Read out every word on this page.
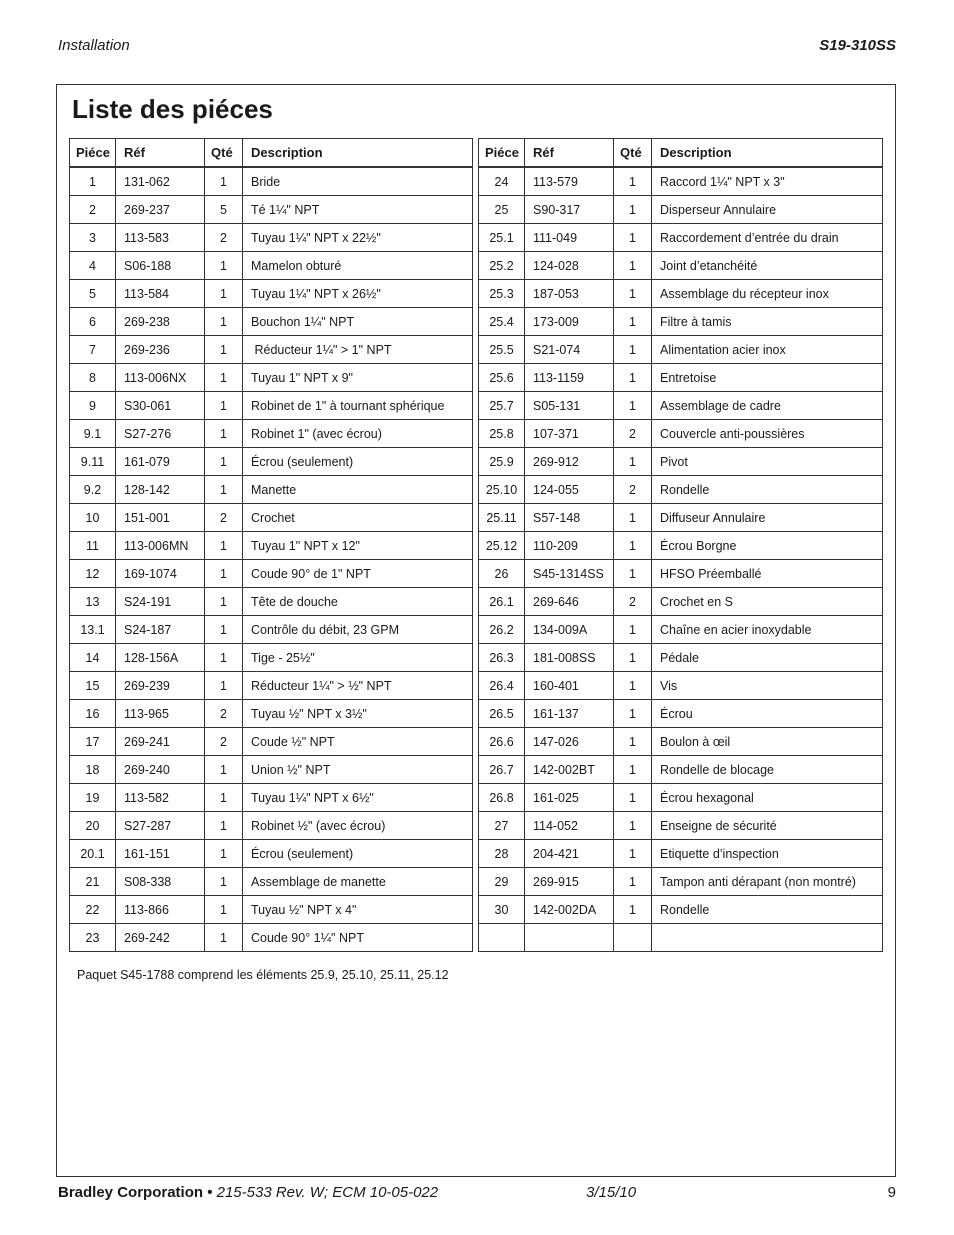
Installation	S19-310SS
Liste des piéces
Piéce	Réf	Qté	Description

1	131-062	1	Bride
2	269-237	5	Té 1¼" NPT
3	113-583	2	Tuyau 1¼" NPT x 22½"
4	S06-188	1	Mamelon obturé
5	113-584	1	Tuyau 1¼" NPT x 26½"
6	269-238	1	Bouchon 1¼" NPT
7	269-236	1	Réducteur 1¼" > 1" NPT
8	113-006NX	1	Tuyau 1" NPT x 9"
9	S30-061	1	Robinet de 1" à tournant sphérique
9.1	S27-276	1	Robinet 1" (avec écrou)
9.11	161-079	1	Écrou (seulement)
9.2	128-142	1	Manette
10	151-001	2	Crochet
11	113-006MN	1	Tuyau 1" NPT x 12"
12	169-1074	1	Coude 90° de 1" NPT
13	S24-191	1	Tête de douche
13.1	S24-187	1	Contrôle du débit, 23 GPM
14	128-156A	1	Tige - 25½"
15	269-239	1	Réducteur 1¼" > ½" NPT
16	113-965	2	Tuyau ½" NPT x 3½"
17	269-241	2	Coude ½" NPT
18	269-240	1	Union ½" NPT
19	113-582	1	Tuyau 1¼" NPT x 6½"
20	S27-287	1	Robinet ½" (avec écrou)
20.1	161-151	1	Écrou (seulement)
21	S08-338	1	Assemblage de manette
22	113-866	1	Tuyau ½" NPT x 4"
23	269-242	1	Coude 90° 1¼" NPT
Piéce	Réf	Qté	Description

24	113-579	1	Raccord 1¼" NPT x 3"
25	S90-317	1	Disperseur Annulaire
25.1	111-049	1	Raccordement d’entrée du drain
25.2	124-028	1	Joint d’etanchéité
25.3	187-053	1	Assemblage du récepteur inox
25.4	173-009	1	Filtre à tamis
25.5	S21-074	1	Alimentation acier inox
25.6	113-1159	1	Entretoise
25.7	S05-131	1	Assemblage de cadre
25.8	107-371	2	Couvercle anti-poussières
25.9	269-912	1	Pivot
25.10	124-055	2	Rondelle
25.11	S57-148	1	Diffuseur Annulaire
25.12	110-209	1	Écrou Borgne
26	S45-1314SS	1	HFSO Préemballé
26.1	269-646	2	Crochet en S
26.2	134-009A	1	Chaîne en acier inoxydable
26.3	181-008SS	1	Pédale
26.4	160-401	1	Vis
26.5	161-137	1	Écrou
26.6	147-026	1	Boulon à œil
26.7	142-002BT	1	Rondelle de blocage
26.8	161-025	1	Écrou hexagonal
27	114-052	1	Enseigne de sécurité
28	204-421	1	Etiquette d’inspection
29	269-915	1	Tampon anti dérapant (non montré)
30	142-002DA	1	Rondelle

Paquet S45-1788 comprend les éléments 25.9, 25.10, 25.11, 25.12
Bradley Corporation • 215-533 Rev. W; ECM 10-05-022	3/15/10	9
